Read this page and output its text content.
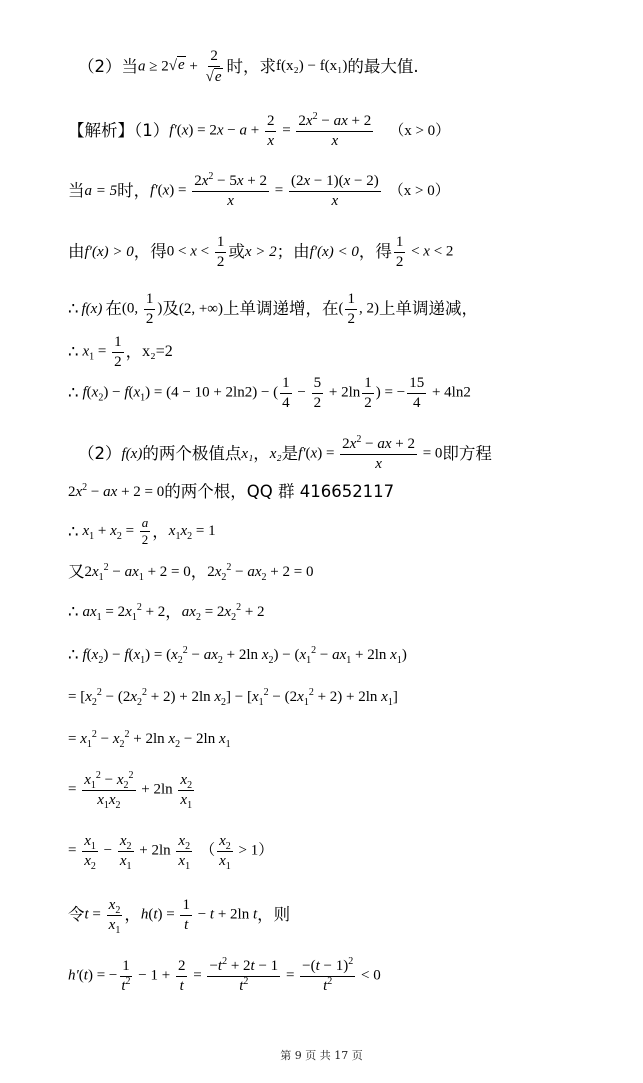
（2）当 a ≥ 2 √ $e + \frac{2}{√ e}$ 时，求 f(x₂) − f(x₁) 的最大值.
【解析】（1） $f'(x) = 2x - a + \frac{2}{x} = \frac{2x^2 - ax + 2}{x} (x > 0)$
当 a = 5 时， $f'(x) = \frac{2x^2 - 5x + 2}{x} = \frac{(2x - 1)(x - 2)}{x} (x > 0)$
由 f′(x) > 0 ，得 $0 < x < \frac{1}{2}$ 或 x > 2 ；由 f′(x) < 0 ，得 $\frac{1}{2} < x < 2$
∴ f(x) 在 (0, $\frac{1}{2}$ ) 及 (2, +∞) 上单调递增，在 ( $\frac{1}{2}$ , 2) 上单调递减，
∴ $x_1 = \frac{1}{2}$ ， x₂=2
∴ $f(x_2) - f(x_1) = (4 - 10 + 2\ln 2)$ − ( $\frac{1}{4} - \frac{5}{2} + 2\ln \frac{1}{2}$ ) = − $\frac{15}{4} + 4\ln 2$
（2） f(x) 的两个极值点 x₁ ， x₂ 是 $f'(x) = \frac{2x^2 - ax + 2}{x} = 0$ 即方程
$2x^2$ − ax + 2 = 0 的两个根，QQ 群 416652117
∴ $x_1 + x_2 = \frac{a}{2}$ ， $x_1x_2 = 1$
又 $2x_1^2 - ax_1 + 2 = 0$ ， $2x_2^2 - ax_2 + 2 = 0$
∴ $ax_1 = 2x_1^2 + 2$ ， $ax_2 = 2x_2^2 + 2$
∴ $f(x_2) - f(x_1) = (x_2^2 - ax_2 + 2\ln$ $x_2) - (x_1^2 - ax_1 + 2\ln$ $x_1$)
= [$x_2^2 - (2x_2^2 + 2) + 2\ln$ $x_2] - [x_1^2 - (2x_1^2 + 2) + 2\ln$ $x_1$]
= $x_1^2 - x_2^2 + 2\ln$ $x_2 - 2\ln$ $x_1$
= $\frac{x_1^2 - x_2^2}{x_1x_2} + 2\ln \frac{x_2}{x_1}$
= $\frac{x_1}{x_2} - \frac{x_2}{x_1} + 2\ln \frac{x_2}{x_1}$ （ $\frac{x_2}{x_1} > 1$）
令 $t = \frac{x_2}{x_1}$ ， $h(t) = \frac{1}{t} - t + 2\ln$ t ，则
h′(t) = − $\frac{1}{t^2} - 1 + \frac{2}{t} = \frac{-t^2 + 2t - 1}{t^2} = \frac{-(t - 1)^2}{t^2} < 0$
第 9 页 共 17 页
